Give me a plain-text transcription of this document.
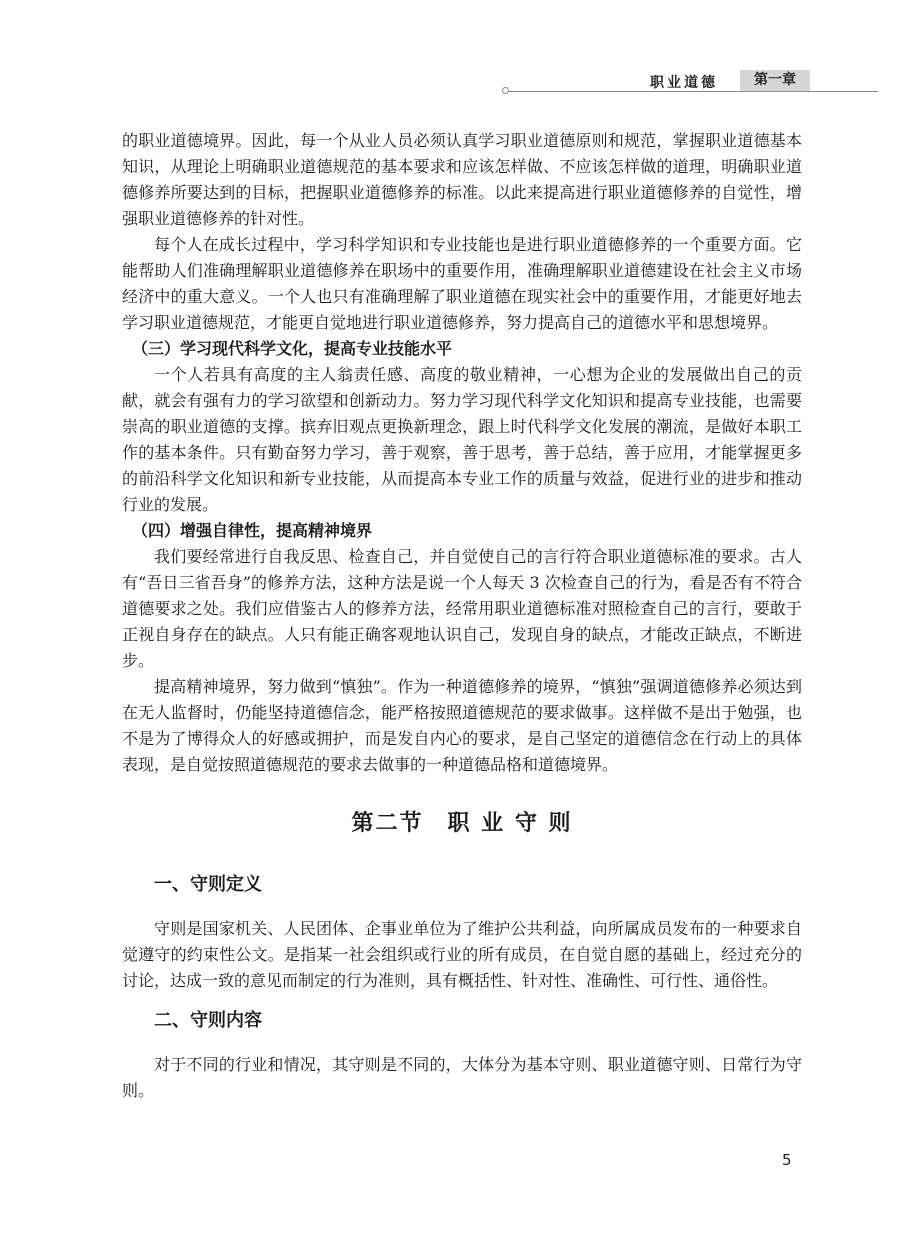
职业道德	第一章

的职业道德境界。因此，每一个从业人员必须认真学习职业道德原则和规范，掌握职业道德基本知识，从理论上明确职业道德规范的基本要求和应该怎样做、不应该怎样做的道理，明确职业道德修养所要达到的目标，把握职业道德修养的标准。以此来提高进行职业道德修养的自觉性，增强职业道德修养的针对性。

每个人在成长过程中，学习科学知识和专业技能也是进行职业道德修养的一个重要方面。它能帮助人们准确理解职业道德修养在职场中的重要作用，准确理解职业道德建设在社会主义市场经济中的重大意义。一个人也只有准确理解了职业道德在现实社会中的重要作用，才能更好地去学习职业道德规范，才能更自觉地进行职业道德修养，努力提高自己的道德水平和思想境界。

（三）学习现代科学文化，提高专业技能水平

一个人若具有高度的主人翁责任感、高度的敬业精神，一心想为企业的发展做出自己的贡献，就会有强有力的学习欲望和创新动力。努力学习现代科学文化知识和提高专业技能，也需要崇高的职业道德的支撑。摈弃旧观点更换新理念，跟上时代科学文化发展的潮流，是做好本职工作的基本条件。只有勤奋努力学习，善于观察，善于思考，善于总结，善于应用，才能掌握更多的前沿科学文化知识和新专业技能，从而提高本专业工作的质量与效益，促进行业的进步和推动行业的发展。

（四）增强自律性，提高精神境界

我们要经常进行自我反思、检查自己，并自觉使自己的言行符合职业道德标准的要求。古人有“吾日三省吾身”的修养方法，这种方法是说一个人每天 3 次检查自己的行为，看是否有不符合道德要求之处。我们应借鉴古人的修养方法，经常用职业道德标准对照检查自己的言行，要敢于正视自身存在的缺点。人只有能正确客观地认识自己，发现自身的缺点，才能改正缺点，不断进步。

提高精神境界，努力做到“慎独”。作为一种道德修养的境界，“慎独”强调道德修养必须达到在无人监督时，仍能坚持道德信念，能严格按照道德规范的要求做事。这样做不是出于勉强，也不是为了博得众人的好感或拥护，而是发自内心的要求，是自己坚定的道德信念在行动上的具体表现，是自觉按照道德规范的要求去做事的一种道德品格和道德境界。

第二节　职 业 守 则
一、守则定义

守则是国家机关、人民团体、企事业单位为了维护公共利益，向所属成员发布的一种要求自觉遵守的约束性公文。是指某一社会组织或行业的所有成员，在自觉自愿的基础上，经过充分的讨论，达成一致的意见而制定的行为准则，具有概括性、针对性、准确性、可行性、通俗性。

二、守则内容

对于不同的行业和情况，其守则是不同的，大体分为基本守则、职业道德守则、日常行为守则。

5
